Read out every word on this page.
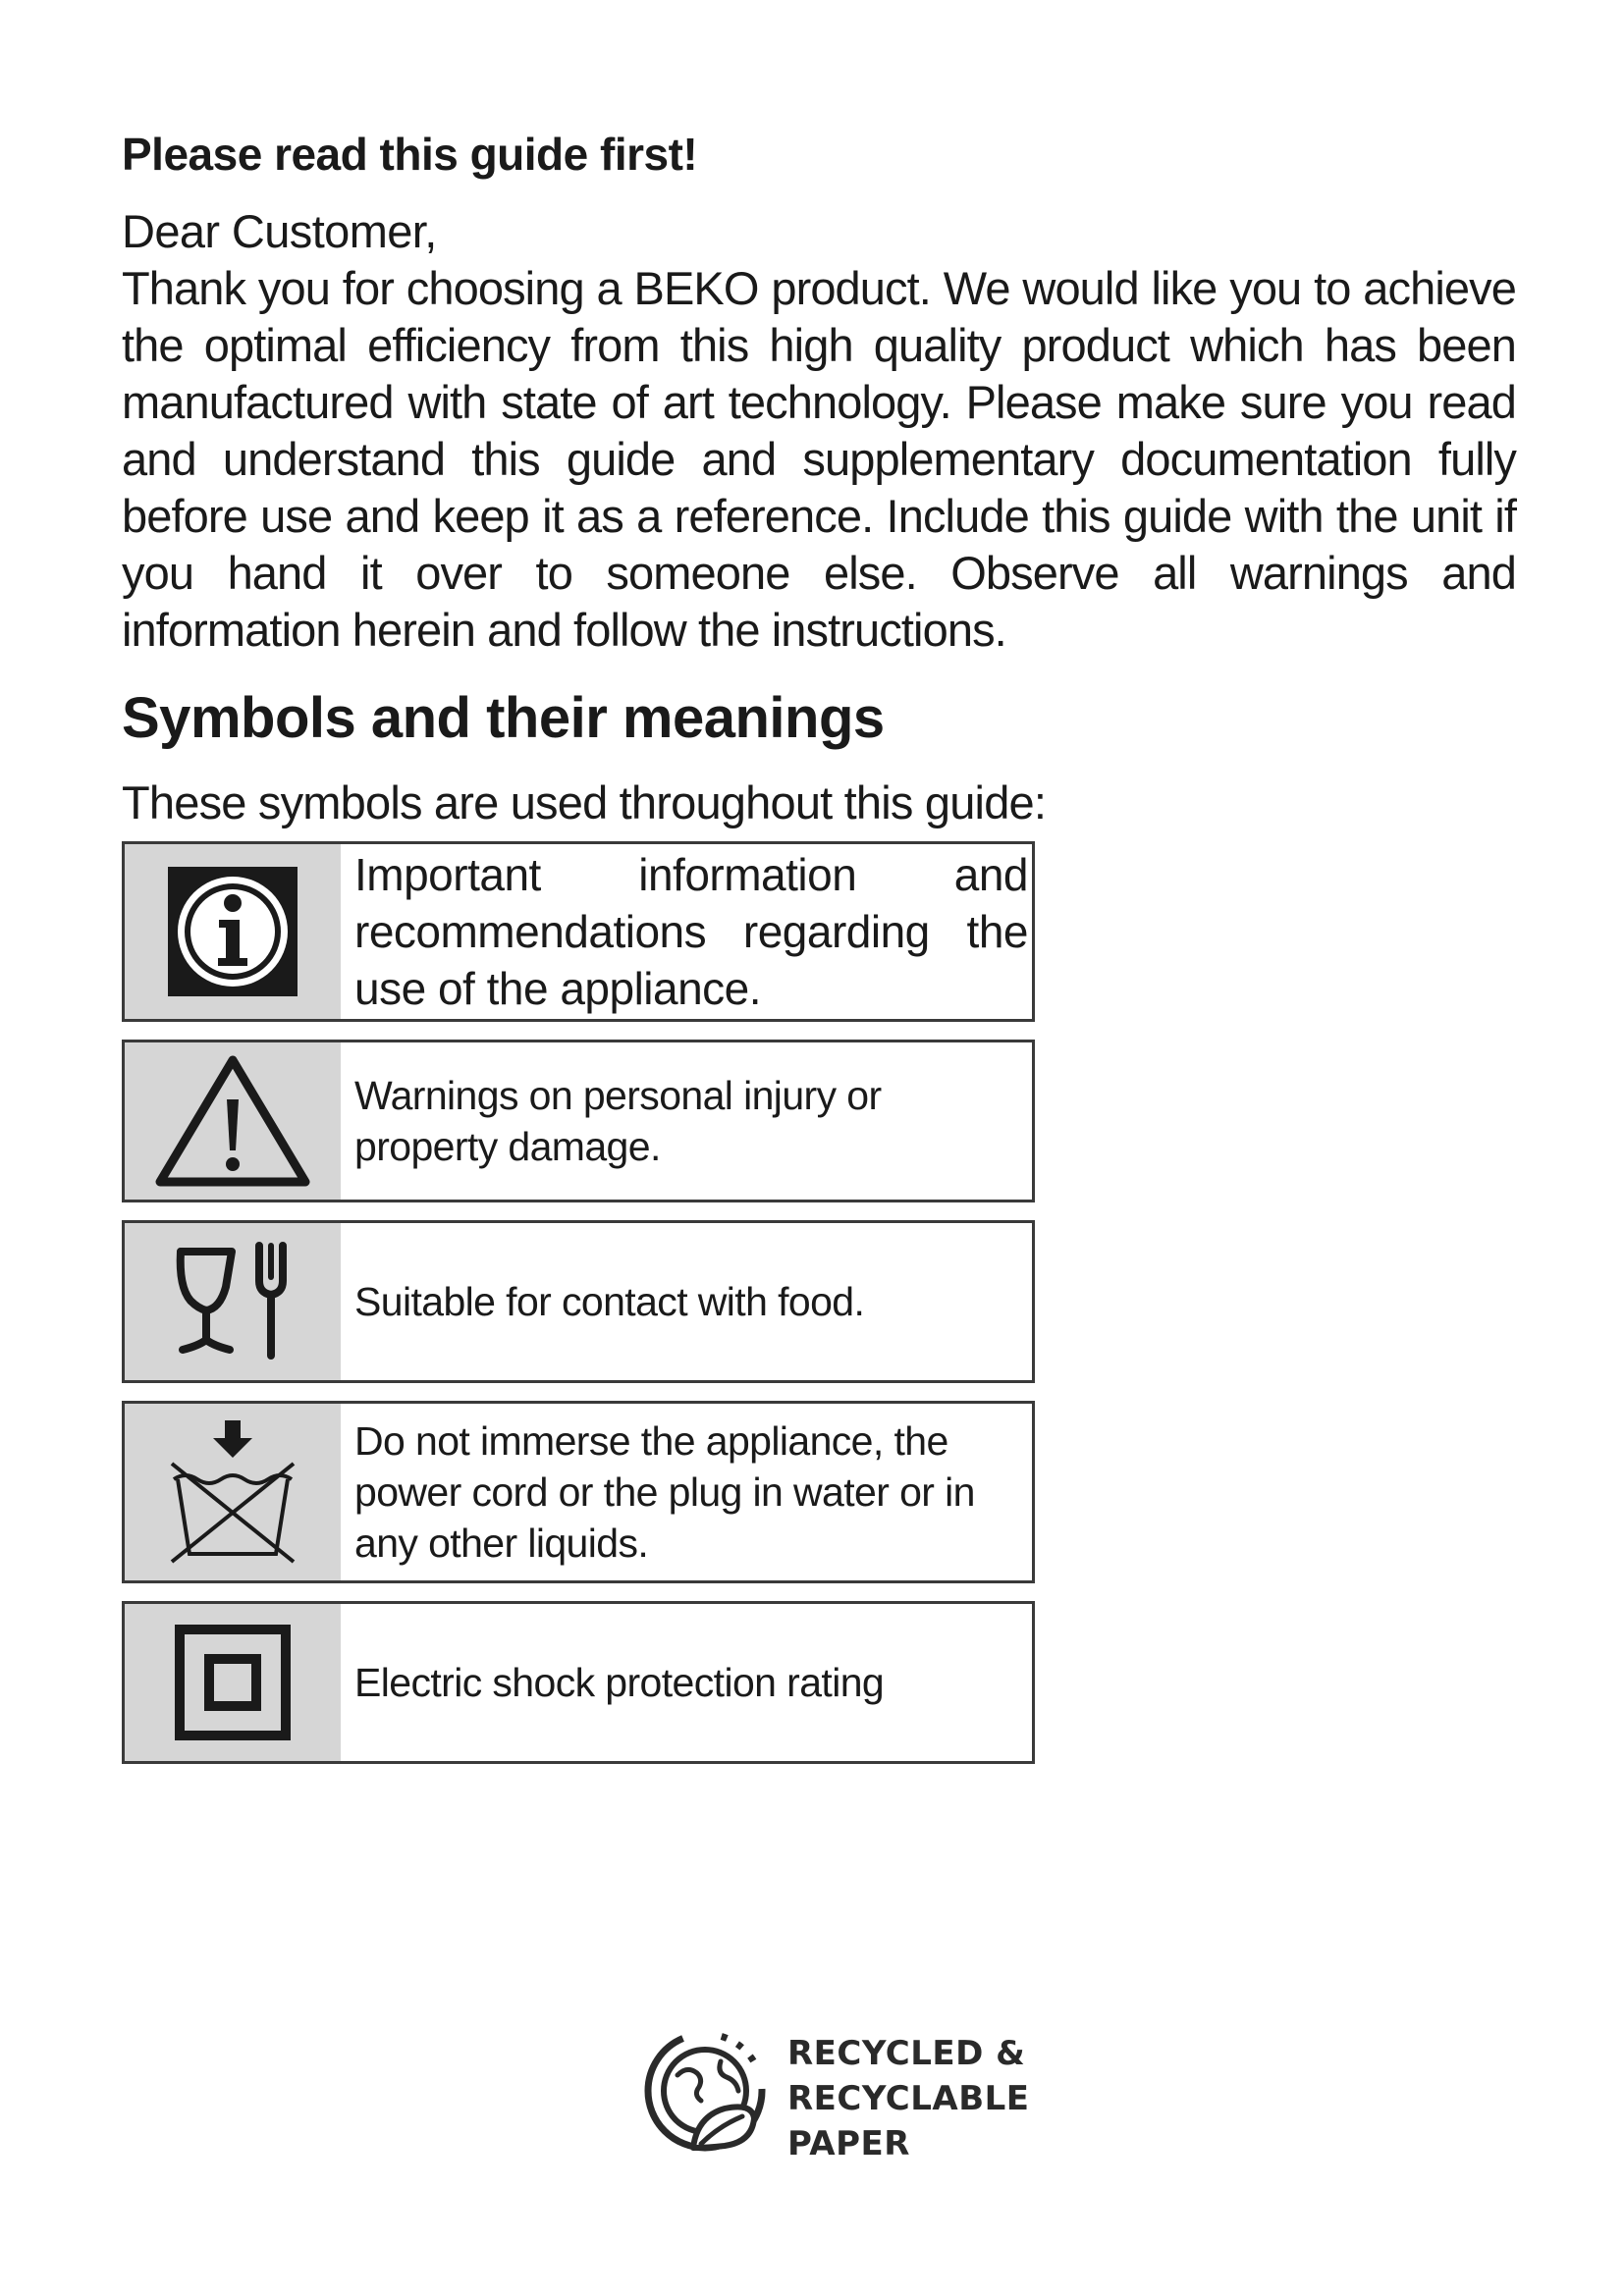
Please read this guide first!

Dear Customer,

Thank you for choosing a BEKO product. We would like you to achieve the optimal efficiency from this high quality product which has been manufactured with state of art technology. Please make sure you read and understand this guide and supplementary documentation fully before use and keep it as a reference. Include this guide with the unit if you hand it over to someone else. Observe all warnings and information herein and follow the instructions.

Symbols and their meanings

These symbols are used throughout this guide:

Important information and recommendations regarding the use of the appliance.
Warnings on personal injury or property damage.
Suitable for contact with food.
Do not immerse the appliance, the power cord or the plug in water or in any other liquids.
Electric shock protection rating
RECYCLED &
RECYCLABLE
PAPER
